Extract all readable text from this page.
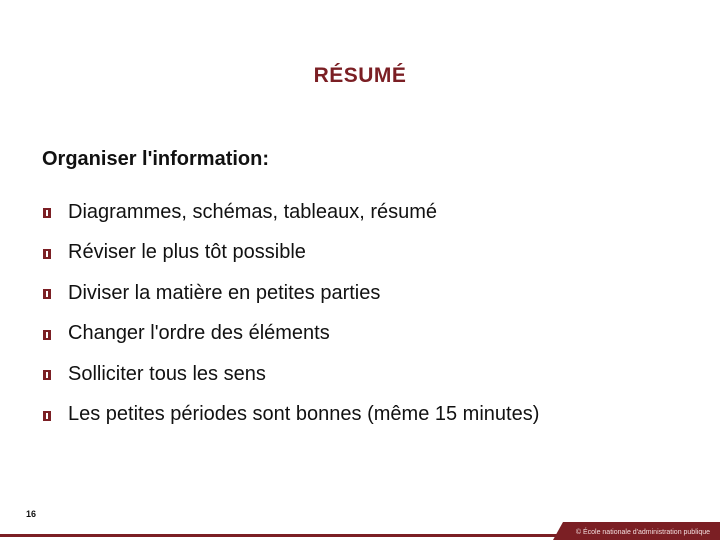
RÉSUMÉ
Organiser l'information:
Diagrammes, schémas, tableaux, résumé
Réviser le plus tôt possible
Diviser la matière en petites parties
Changer l'ordre des éléments
Solliciter tous les sens
Les petites périodes sont bonnes (même 15 minutes)
16
© École nationale d'administration publique
